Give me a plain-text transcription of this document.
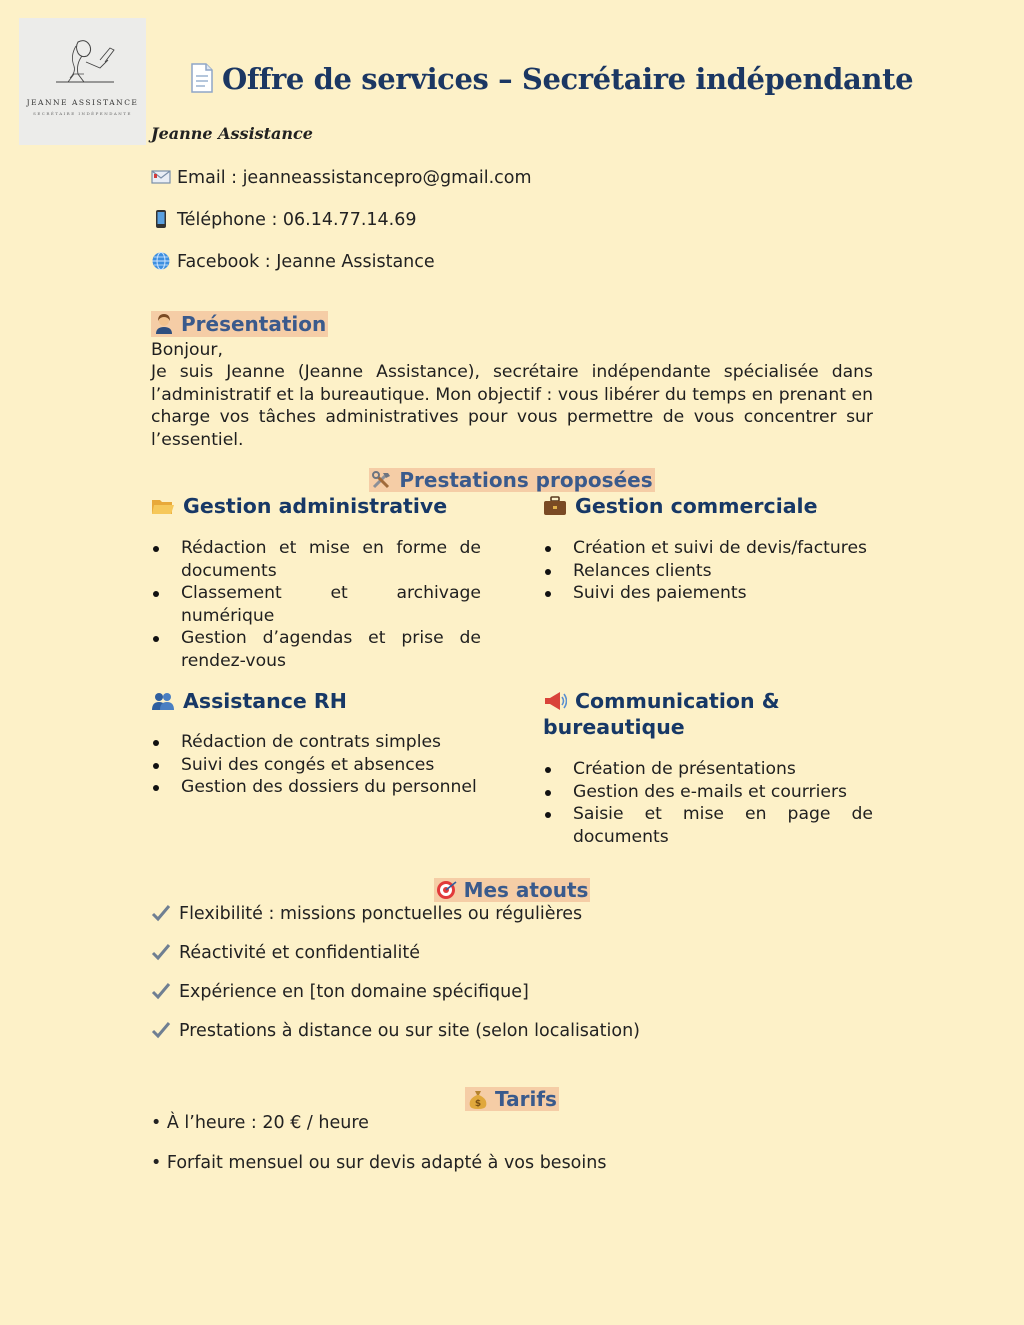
JEANNE ASSISTANCE
SECRÉTAIRE INDÉPENDANTE
Offre de services – Secrétaire indépendante
Jeanne Assistance
Email : jeanneassistancepro@gmail.com
Téléphone : 06.14.77.14.69
Facebook : Jeanne Assistance
Présentation

Bonjour,

Je suis Jeanne (Jeanne Assistance), secrétaire indépendante spécialisée dans l’administratif et la bureautique. Mon objectif : vous libérer du temps en prenant en charge vos tâches administratives pour vous permettre de vous concentrer sur l’essentiel.

Prestations proposées
Gestion administrative
Rédaction et mise en forme de documents
Classement et archivage numérique
Gestion d’agendas et prise de rendez-vous
Gestion commerciale
Création et suivi de devis/factures
Relances clients
Suivi des paiements
Assistance RH
Rédaction de contrats simples
Suivi des congés et absences
Gestion des dossiers du personnel
Communication & bureautique
Création de présentations
Gestion des e-mails et courriers
Saisie et mise en page de documents
Mes atouts
Flexibilité : missions ponctuelles ou régulières
Réactivité et confidentialité
Expérience en [ton domaine spécifique]
Prestations à distance ou sur site (selon localisation)
$ Tarifs
• À l’heure : 20 € / heure
• Forfait mensuel ou sur devis adapté à vos besoins
